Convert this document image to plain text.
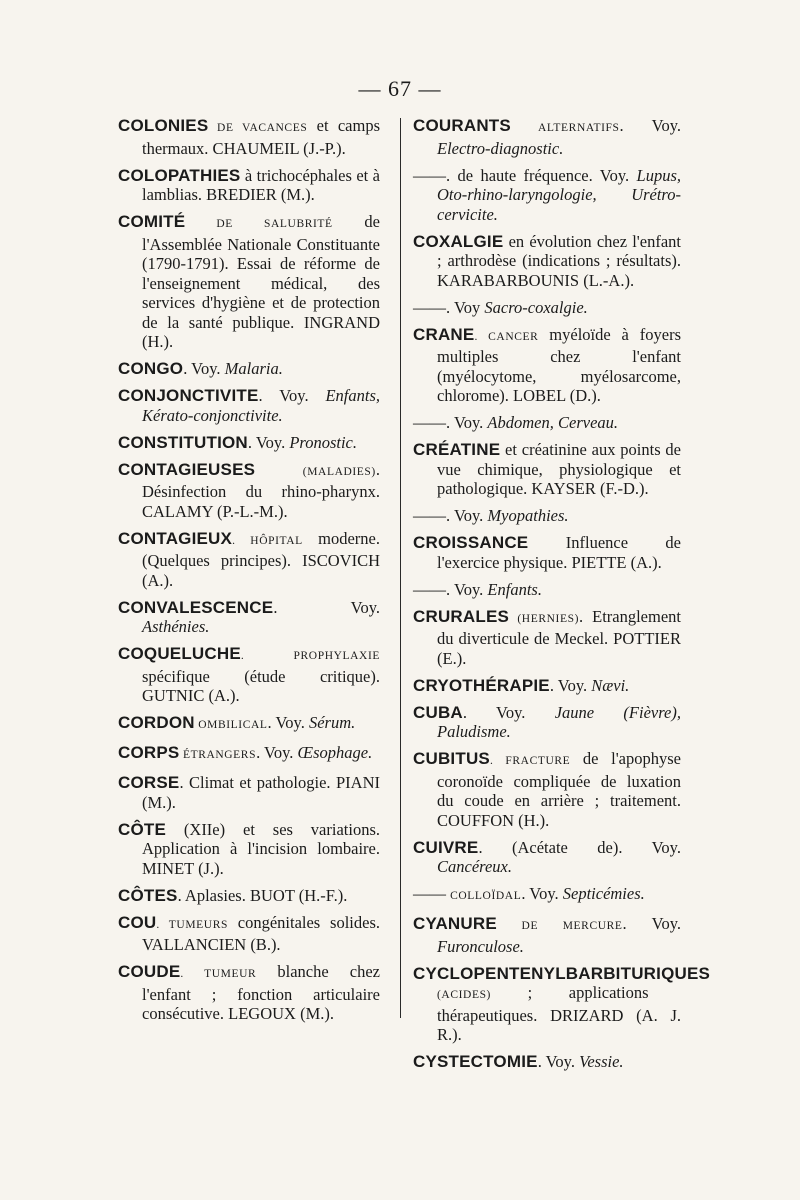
— 67 —

COLONIES DE VACANCES et camps thermaux. CHAUMEIL (J.-P.).

COLOPATHIES à trichocéphales et à lamblias. BREDIER (M.).

COMITÉ DE SALUBRITÉ de l'Assemblée Nationale Constituante (1790-1791). Essai de réforme de l'enseignement médical, des services d'hygiène et de protection de la santé publique. INGRAND (H.).

CONGO. Voy. Malaria.

CONJONCTIVITE. Voy. Enfants, Kérato-conjonctivite.

CONSTITUTION. Voy. Pronostic.

CONTAGIEUSES (MALADIES). Désinfection du rhino-pharynx. CALAMY (P.-L.-M.).

CONTAGIEUX. HÔPITAL moderne. (Quelques principes). ISCOVICH (A.).

CONVALESCENCE. Voy. Asthénies.

COQUELUCHE. PROPHYLAXIE spécifique (étude critique). GUTNIC (A.).

CORDON OMBILICAL. Voy. Sérum.

CORPS ÉTRANGERS. Voy. Œsophage.

CORSE. Climat et pathologie. PIANI (M.).

CÔTE (XIIe) et ses variations. Application à l'incision lombaire. MINET (J.).

CÔTES. Aplasies. BUOT (H.-F.).

COU. TUMEURS congénitales solides. VALLANCIEN (B.).

COUDE. TUMEUR blanche chez l'enfant ; fonction articulaire consécutive. LEGOUX (M.).

COURANTS ALTERNATIFS. Voy. Electro-diagnostic.

——. de haute fréquence. Voy. Lupus, Oto-rhino-laryngologie, Urétro-cervicite.

COXALGIE en évolution chez l'enfant ; arthrodèse (indications ; résultats). KARABARBOUNIS (L.-A.).

——. Voy Sacro-coxalgie.

CRANE. CANCER myéloïde à foyers multiples chez l'enfant (myélocytome, myélosarcome, chlorome). LOBEL (D.).

——. Voy. Abdomen, Cerveau.

CRÉATINE et créatinine aux points de vue chimique, physiologique et pathologique. KAYSER (F.-D.).

——. Voy. Myopathies.

CROISSANCE Influence de l'exercice physique. PIETTE (A.).

——. Voy. Enfants.

CRURALES (HERNIES). Etranglement du diverticule de Meckel. POTTIER (E.).

CRYOTHÉRAPIE. Voy. Nævi.

CUBA. Voy. Jaune (Fièvre), Paludisme.

CUBITUS. FRACTURE de l'apophyse coronoïde compliquée de luxation du coude en arrière ; traitement. COUFFON (H.).

CUIVRE. (Acétate de). Voy. Cancéreux.

—— COLLOÏDAL. Voy. Septicémies.

CYANURE DE MERCURE. Voy. Furonculose.

CYCLOPENTENYLBARBITURIQUES (ACIDES) ; applications thérapeutiques. DRIZARD (A. J. R.).

CYSTECTOMIE. Voy. Vessie.
